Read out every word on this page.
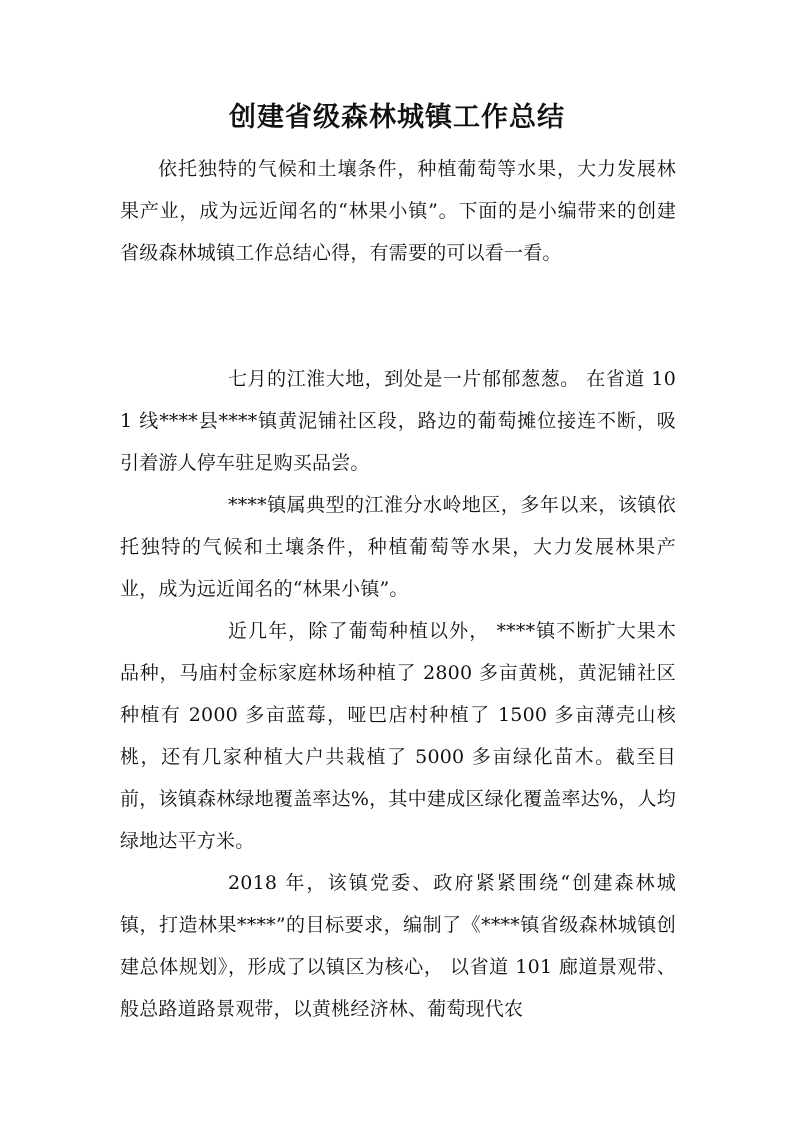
创建省级森林城镇工作总结

依托独特的气候和土壤条件，种植葡萄等水果，大力发展林果产业，成为远近闻名的“林果小镇”。下面的是小编带来的创建省级森林城镇工作总结心得，有需要的可以看一看。

七月的江淮大地，到处是一片郁郁葱葱。 在省道 101 线****县****镇黄泥铺社区段，路边的葡萄摊位接连不断，吸引着游人停车驻足购买品尝。

****镇属典型的江淮分水岭地区，多年以来，该镇依托独特的气候和土壤条件，种植葡萄等水果，大力发展林果产业，成为远近闻名的“林果小镇”。

近几年，除了葡萄种植以外， ****镇不断扩大果木品种，马庙村金标家庭林场种植了 2800 多亩黄桃，黄泥铺社区种植有 2000 多亩蓝莓，哑巴店村种植了 1500 多亩薄壳山核桃，还有几家种植大户共栽植了 5000 多亩绿化苗木。截至目前，该镇森林绿地覆盖率达%，其中建成区绿化覆盖率达%，人均绿地达平方米。

2018 年，该镇党委、政府紧紧围绕“创建森林城镇，打造林果****”的目标要求，编制了《****镇省级森林城镇创建总体规划》，形成了以镇区为核心， 以省道 101 廊道景观带、般总路道路景观带，以黄桃经济林、葡萄现代农
